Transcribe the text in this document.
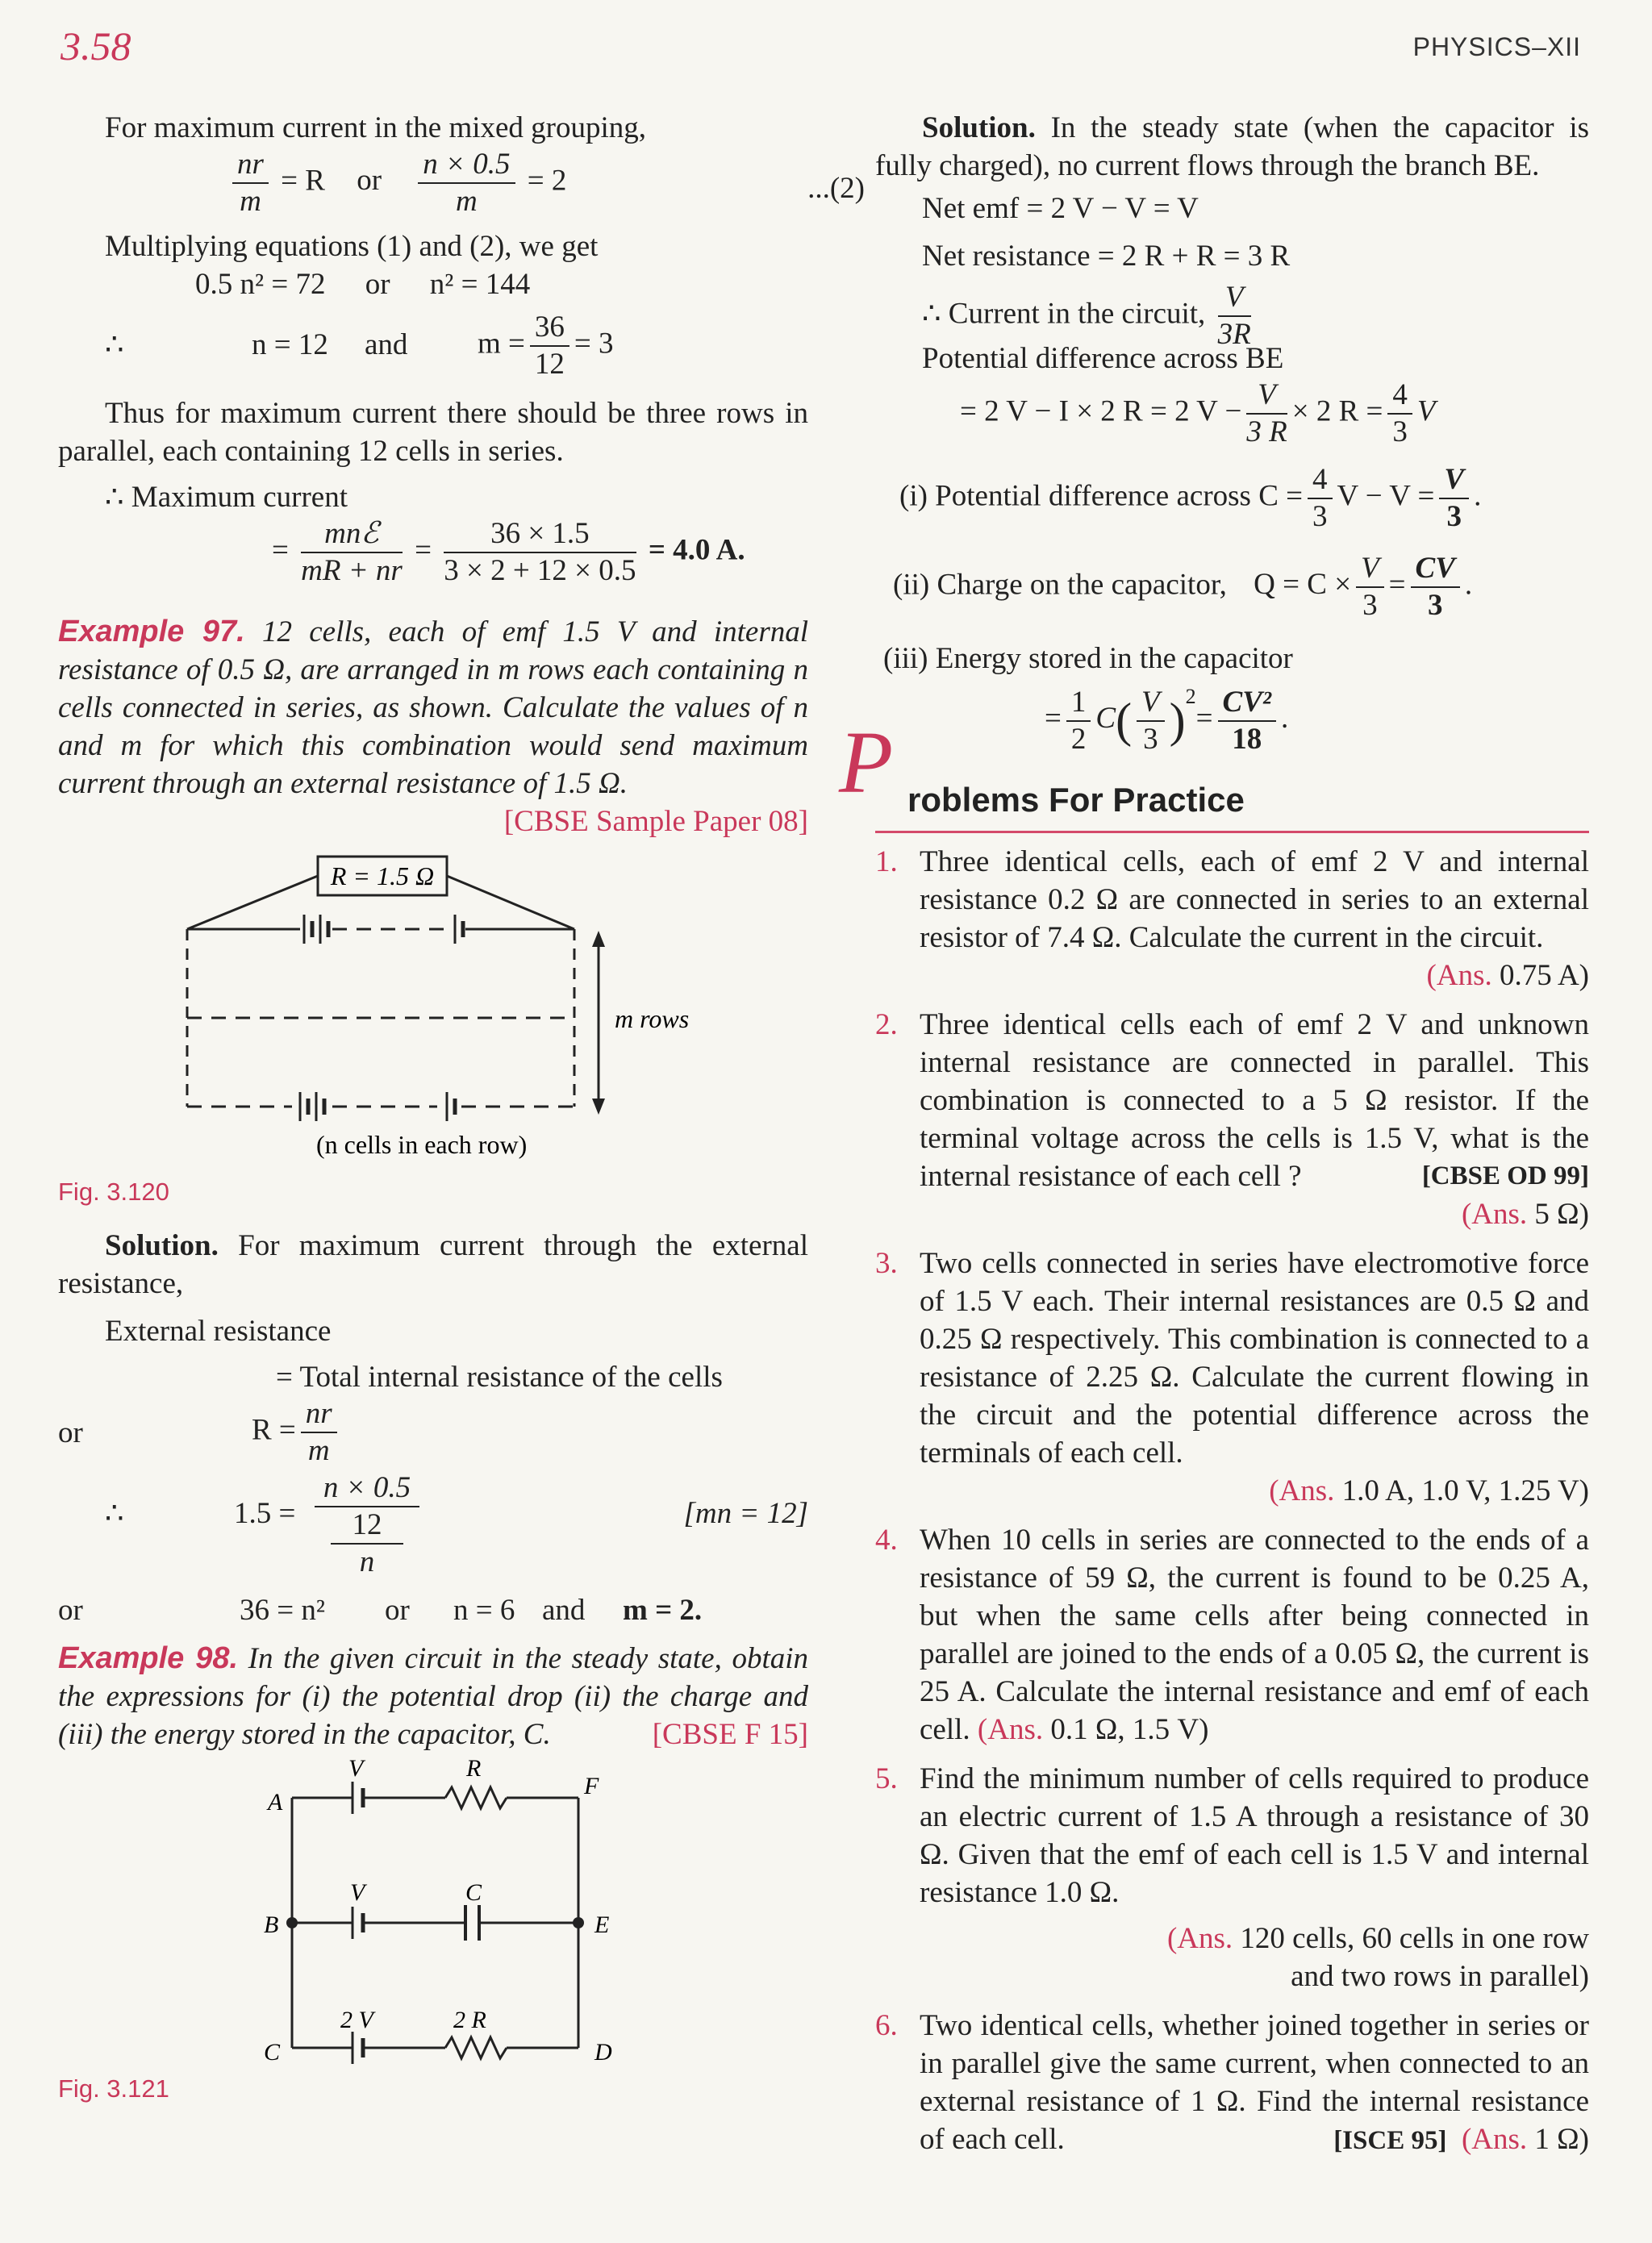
3.58	PHYSICS–XII

For maximum current in the mixed grouping,

$\frac{nr}{m} = R$ or $\frac{n \times 0.5}{m} = 2$	...(2)

Multiplying equations (1) and (2), we get

0.5 n² = 72 or n² = 144
∴	n = 12 and $m = \frac{36}{12} = 3$

Thus for maximum current there should be three rows in parallel, each containing 12 cells in series.

∴ Maximum current

= $\frac{\text{mnℰ}}{mR + nr} = \frac{36 \times 1.5}{3 \times 2 + 12 \times 0.5} = 4.0$ A.

Example 97. 12 cells, each of emf 1.5 V and internal resistance of 0.5 Ω, are arranged in m rows each containing n cells connected in series, as shown. Calculate the values of n and m for which this combination would send maximum current through an external resistance of 1.5 Ω.

[CBSE Sample Paper 08]

R = 1.5 Ω
m rows
(n cells in each row)

Fig. 3.120

Solution. For maximum current through the external resistance,

External resistance

= Total internal resistance of the cells

or	$R = \frac{nr}{m}$
∴	1.5 =
n × 0.5
12
n
[mn = 12]
or	36 = n² or n = 6 and m = 2.

Example 98. In the given circuit in the steady state, obtain the expressions for (i) the potential drop (ii) the charge and (iii) the energy stored in the capacitor, C.	[CBSE F 15]

A
B
C	D
E
F
V	R
V	C
2 V	2 R

Fig. 3.121

Solution. In the steady state (when the capacitor is fully charged), no current flows through the branch BE.

Net emf = 2 V − V = V

Net resistance = 2 R + R = 3 R

∴ Current in the circuit, $\frac{V}{3R}$

Potential difference across BE

= 2 V − I × 2 R = 2 $V - \frac{V}{3 R} \times 2$ $R = \frac{4}{3}$ V
(i) Potential difference across $C = \frac{4}{3}$ $V - V = \frac{V}{3}$ .
(ii) Charge on the capacitor, $Q = C \times \frac{V}{3} = \frac{CV}{3}$ .

(iii) Energy stored in the capacitor

= $\frac{1}{2} C( \frac{V}{3} )^2= \frac{\text{CV²}}{18}$ .
P roblems For Practice
1. Three identical cells, each of emf 2 V and internal resistance 0.2 Ω are connected in series to an external resistor of 7.4 Ω. Calculate the current in the circuit.
(Ans. 0.75 A)
2. Three identical cells each of emf 2 V and unknown internal resistance are connected in parallel. This combination is connected to a 5 Ω resistor. If the terminal voltage across the cells is 1.5 V, what is the internal resistance of each cell ?	[CBSE OD 99]
(Ans. 5 Ω)
3. Two cells connected in series have electromotive force of 1.5 V each. Their internal resistances are 0.5 Ω and 0.25 Ω respectively. This combination is connected to a resistance of 2.25 Ω. Calculate the current flowing in the circuit and the potential difference across the terminals of each cell.
(Ans. 1.0 A, 1.0 V, 1.25 V)
4. When 10 cells in series are connected to the ends of a resistance of 59 Ω, the current is found to be 0.25 A, but when the same cells after being connected in parallel are joined to the ends of a 0.05 Ω, the current is 25 A. Calculate the internal resistance and emf of each cell. (Ans. 0.1 Ω, 1.5 V)
5. Find the minimum number of cells required to produce an electric current of 1.5 A through a resistance of 30 Ω. Given that the emf of each cell is 1.5 V and internal resistance 1.0 Ω.
(Ans. 120 cells, 60 cells in one row
and two rows in parallel)
6. Two identical cells, whether joined together in series or in parallel give the same current, when connected to an external resistance of 1 Ω. Find the internal resistance of each cell.	[ISCE 95] (Ans. 1 Ω)
